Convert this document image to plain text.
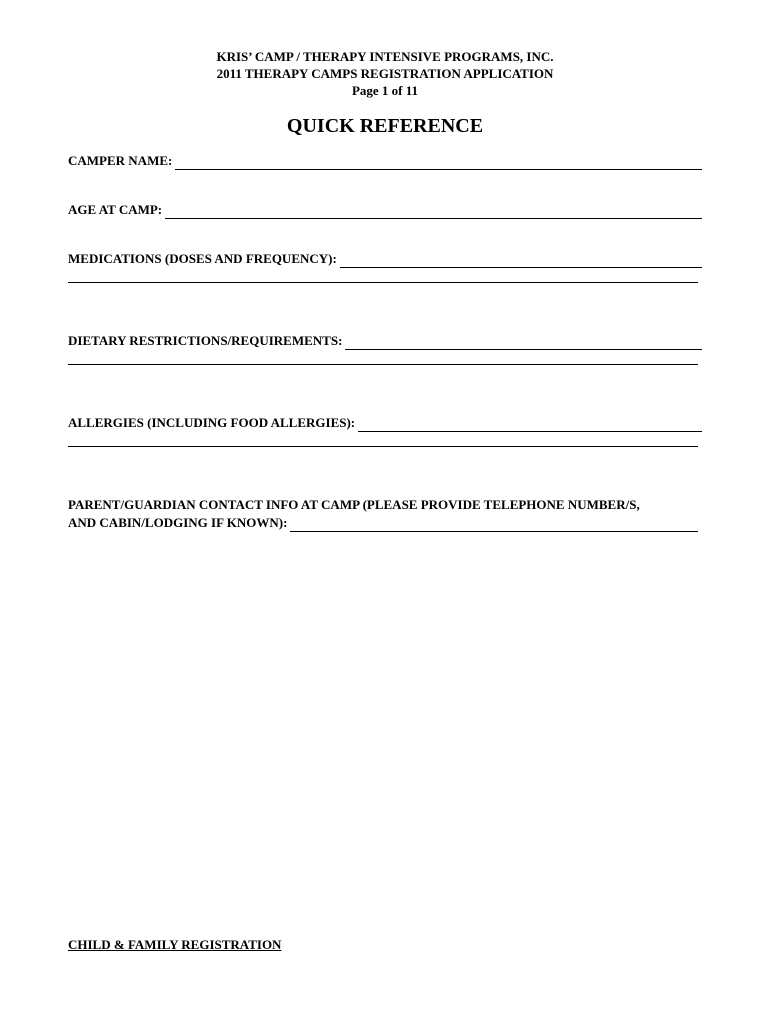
KRIS’ CAMP / THERAPY INTENSIVE PROGRAMS, INC.
2011 THERAPY CAMPS REGISTRATION APPLICATION
Page 1 of 11
QUICK REFERENCE
CAMPER NAME:
AGE AT CAMP:
MEDICATIONS (DOSES AND FREQUENCY):
DIETARY RESTRICTIONS/REQUIREMENTS:
ALLERGIES (INCLUDING FOOD ALLERGIES):
PARENT/GUARDIAN CONTACT INFO AT CAMP (PLEASE PROVIDE TELEPHONE NUMBER/S,
AND CABIN/LODGING IF KNOWN):
CHILD & FAMILY REGISTRATION
